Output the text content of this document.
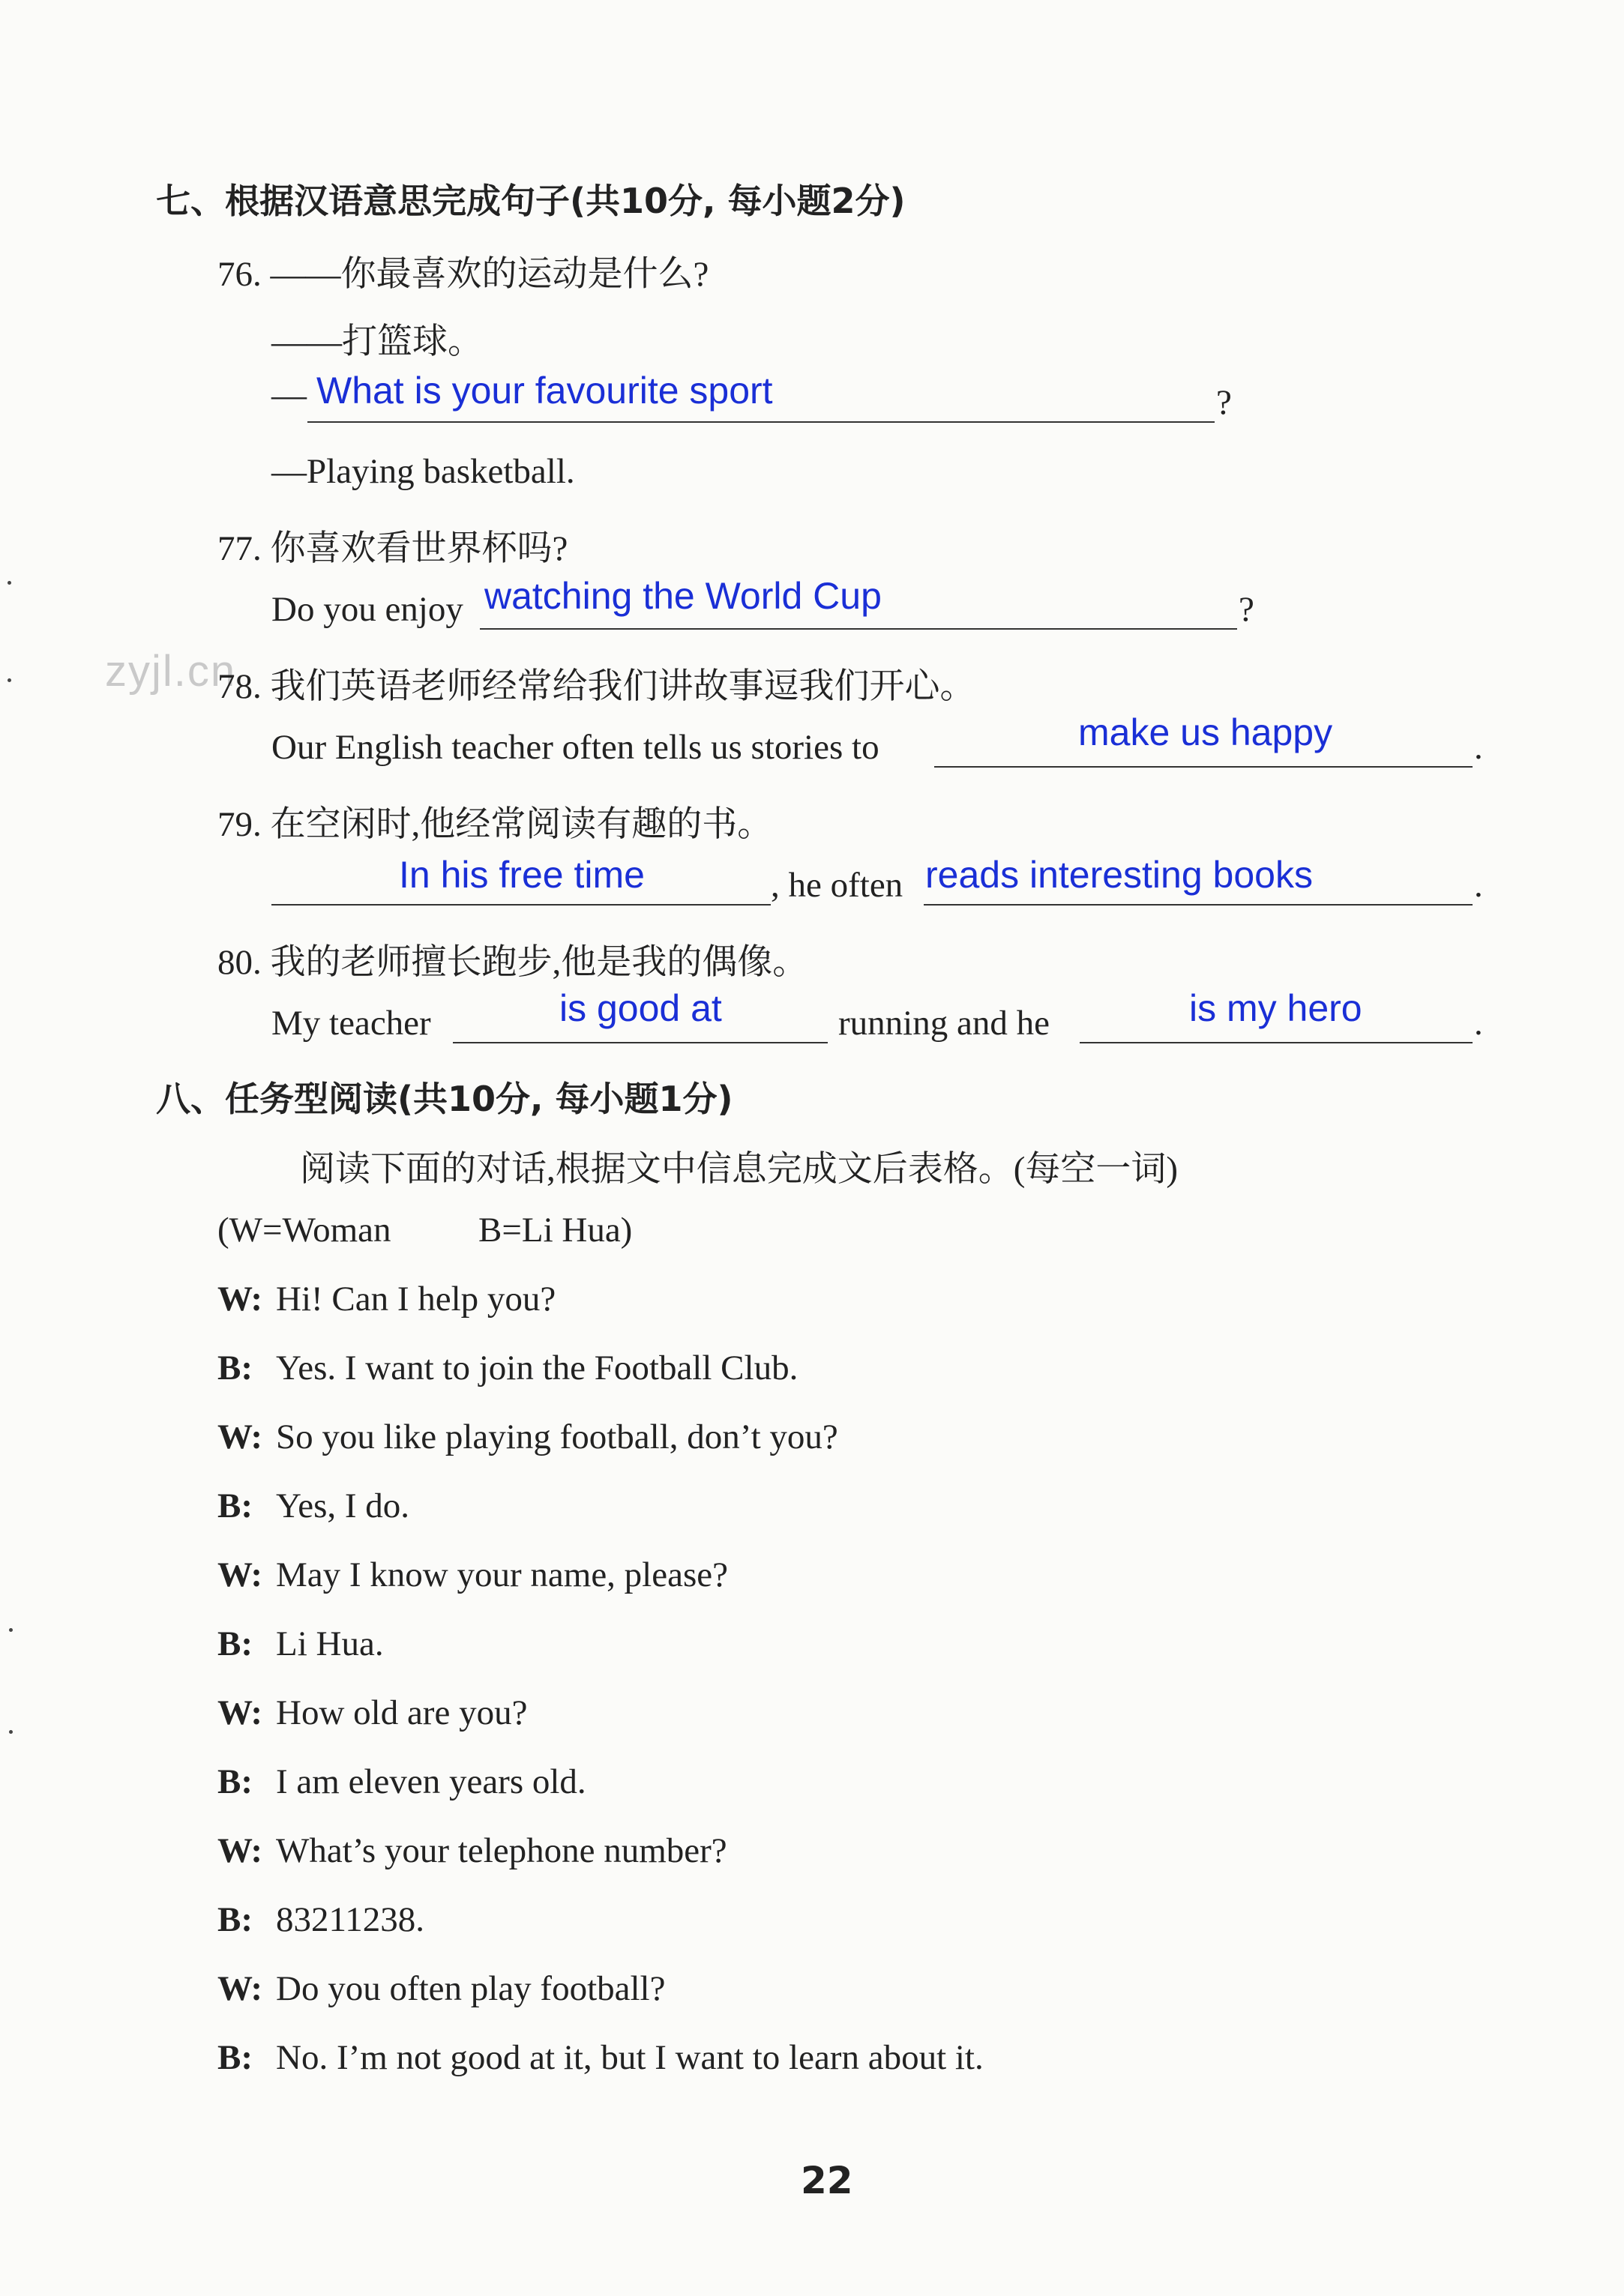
七、根据汉语意思完成句子(共10分, 每小题2分)
76. ——你最喜欢的运动是什么?
——打篮球。
— What is your favourite sport	?
—Playing basketball.
77. 你喜欢看世界杯吗?
Do you enjoy watching the World Cup	?
zyjl.cn
78. 我们英语老师经常给我们讲故事逗我们开心。
Our English teacher often tells us stories to	make us happy	.
79. 在空闲时,他经常阅读有趣的书。
In his free time	, he often reads interesting books	.
80. 我的老师擅长跑步,他是我的偶像。
My teacher	is good at	running and he	is my hero	.
八、任务型阅读(共10分, 每小题1分)
阅读下面的对话,根据文中信息完成文后表格。(每空一词)
(W=Woman B=Li Hua)
W: Hi! Can I help you?
B: Yes. I want to join the Football Club.
W: So you like playing football, don’t you?
B: Yes, I do.
W: May I know your name, please?
B: Li Hua.
W: How old are you?
B: I am eleven years old.
W: What’s your telephone number?
B: 83211238.
W: Do you often play football?
B: No. I’m not good at it, but I want to learn about it.
22
